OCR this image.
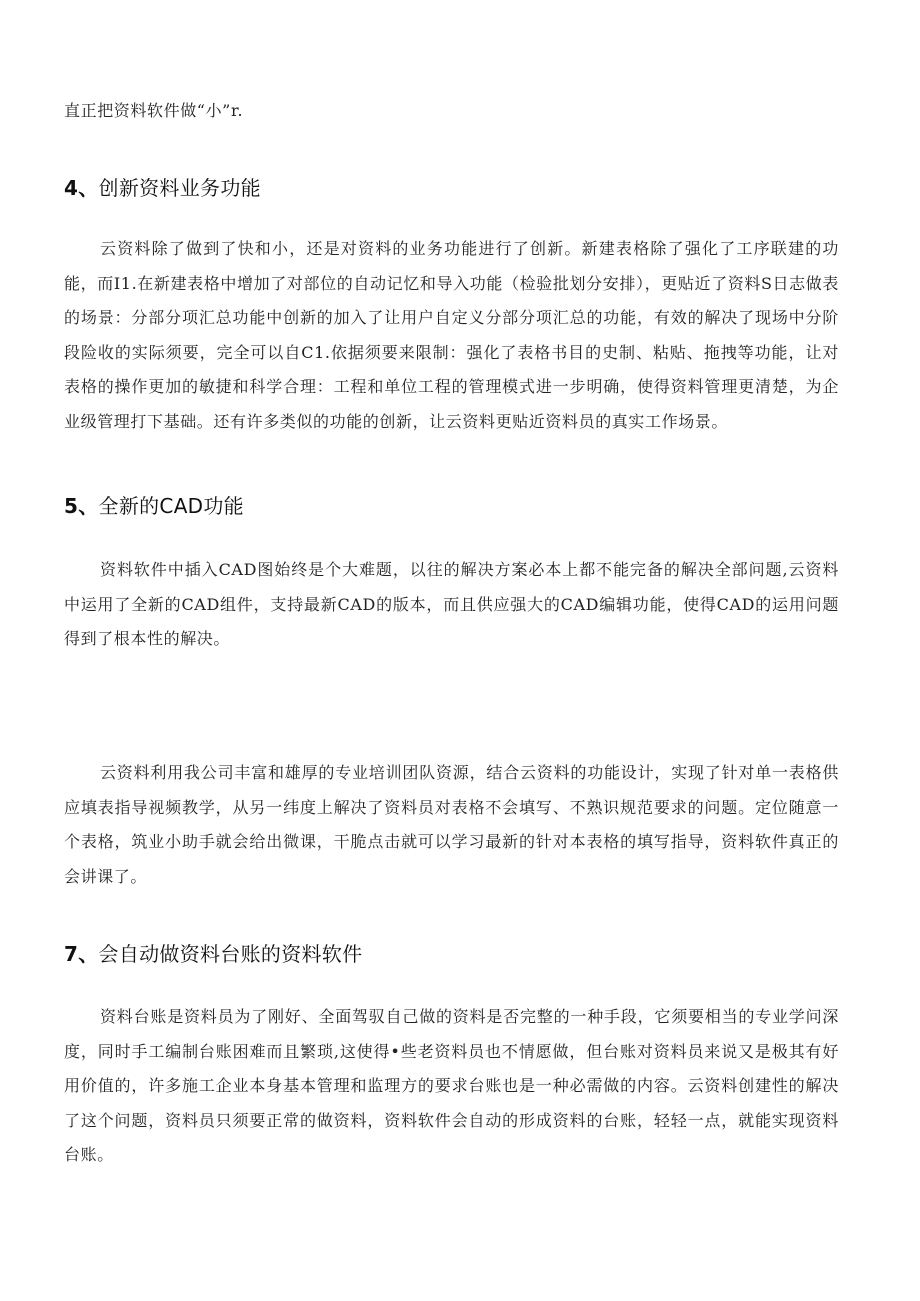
直正把资料软件做“小”r.

4、创新资料业务功能

云资料除了做到了快和小，还是对资料的业务功能进行了创新。新建表格除了强化了工序联建的功能，而I1.在新建表格中增加了对部位的自动记忆和导入功能（检验批划分安排），更贴近了资料S日志做表的场景：分部分项汇总功能中创新的加入了让用户自定义分部分项汇总的功能，有效的解决了现场中分阶段险收的实际须要，完全可以自C1.依据须要来限制：强化了表格书目的史制、粘贴、拖拽等功能，让对表格的操作更加的敏捷和科学合理：工程和单位工程的管理模式进一步明确，使得资料管理更清楚，为企业级管理打下基础。还有许多类似的功能的创新，让云资料更贴近资料员的真实工作场景。

5、全新的CAD功能

资料软件中插入CAD图始终是个大难题，以往的解决方案必本上都不能完备的解决全部问题,云资料中运用了全新的CAD组件，支持最新CAD的版本，而且供应强大的CAD编辑功能，使得CAD的运用问题得到了根本性的解决。

云资料利用我公司丰富和雄厚的专业培训团队资源，结合云资料的功能设计，实现了针对单一表格供应填表指导视频教学，从另一纬度上解决了资料员对表格不会填写、不熟识规范要求的问题。定位随意一个表格，筑业小助手就会给出微课，干脆点击就可以学习最新的针对本表格的填写指导，资料软件真正的会讲课了。

7、会自动做资料台账的资料软件

资料台账是资料员为了刚好、全面驾驭自己做的资料是否完整的一种手段，它须要相当的专业学问深度，同时手工编制台账困难而且繁琐,这使得•些老资料员也不情愿做，但台账对资料员来说又是极其有好用价值的，许多施工企业本身基本管理和监理方的要求台账也是一种必需做的内容。云资料创建性的解决了这个问题，资料员只须要正常的做资料，资料软件会自动的形成资料的台账，轻轻一点，就能实现资料台账。
